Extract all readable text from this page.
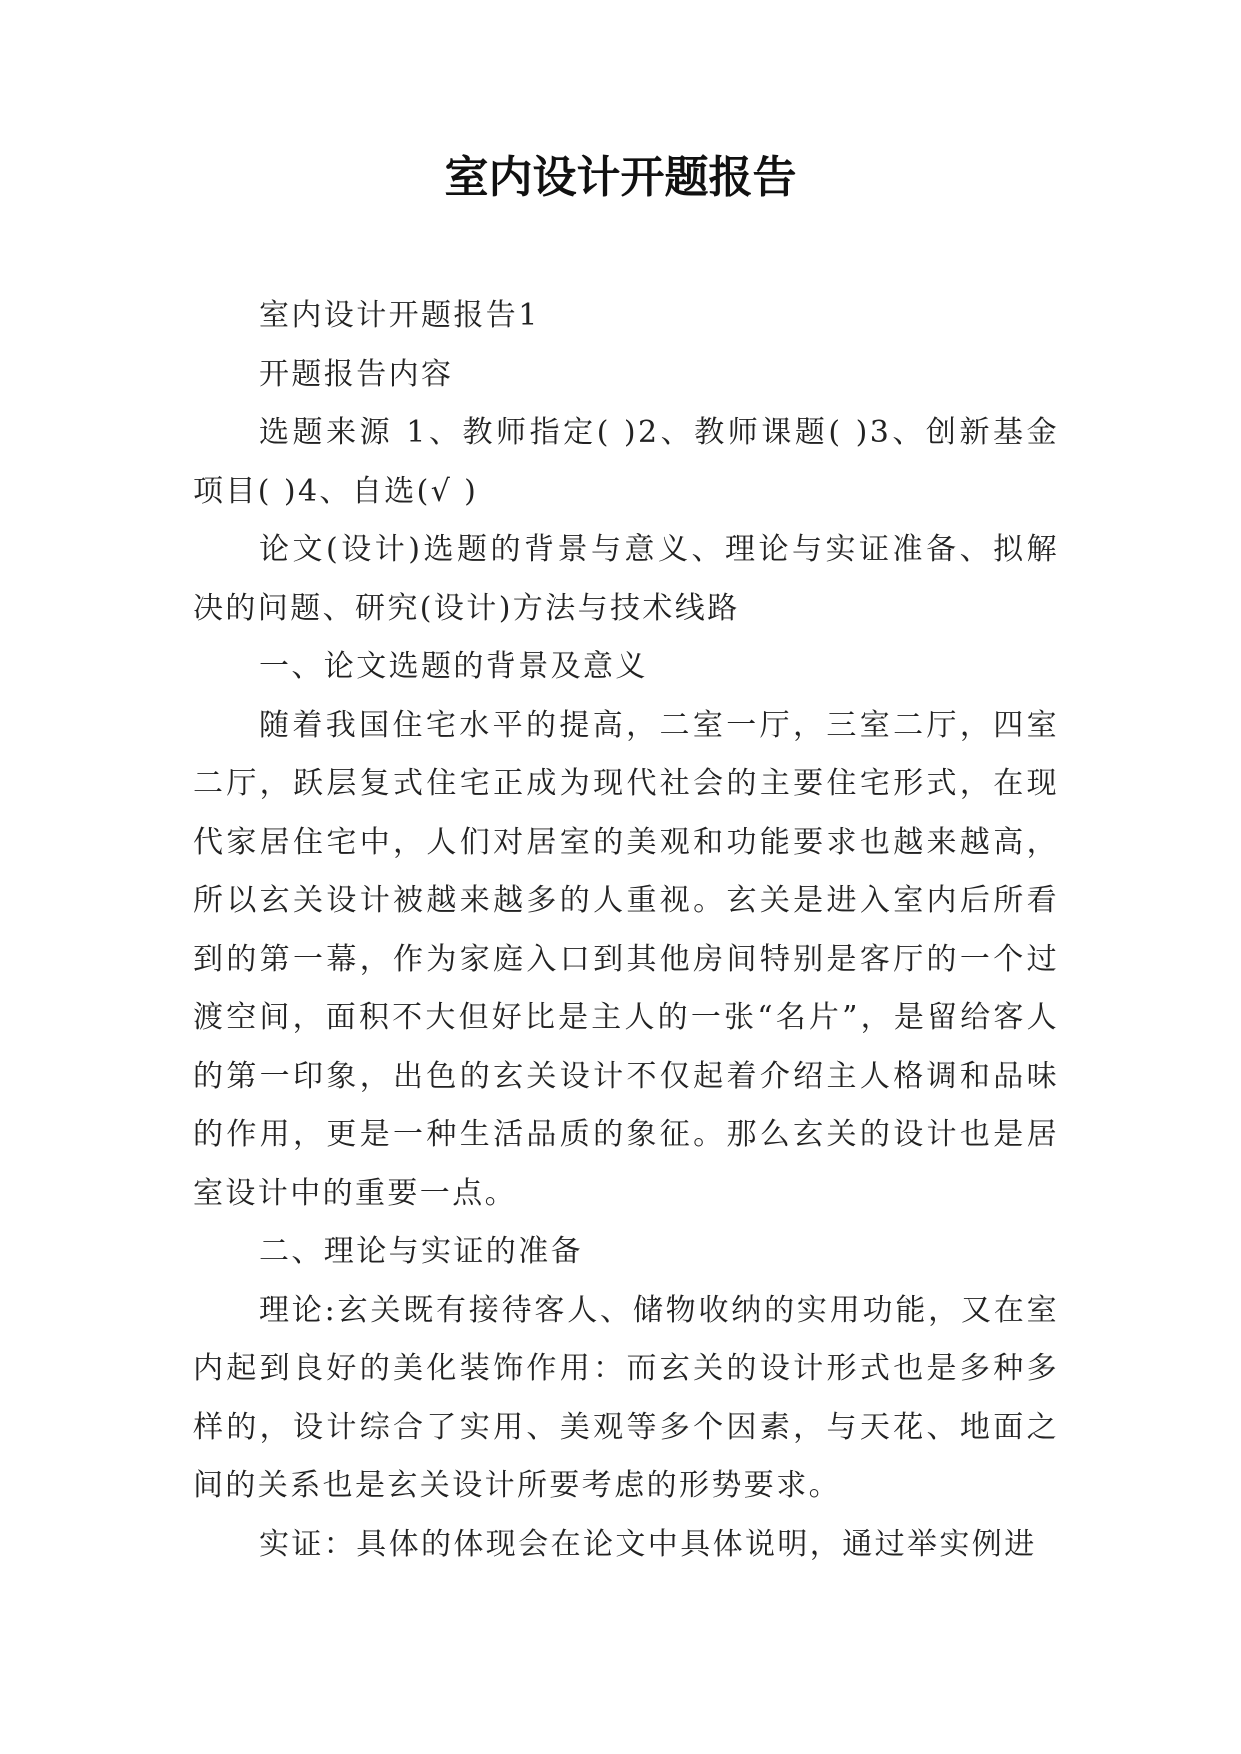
室内设计开题报告

室内设计开题报告1

开题报告内容

选题来源 1、教师指定( )2、教师课题( )3、创新基金项目( )4、自选(√ )

论文(设计)选题的背景与意义、理论与实证准备、拟解决的问题、研究(设计)方法与技术线路

一、论文选题的背景及意义

随着我国住宅水平的提高，二室一厅，三室二厅，四室二厅，跃层复式住宅正成为现代社会的主要住宅形式，在现代家居住宅中，人们对居室的美观和功能要求也越来越高，所以玄关设计被越来越多的人重视。玄关是进入室内后所看到的第一幕，作为家庭入口到其他房间特别是客厅的一个过渡空间，面积不大但好比是主人的一张“名片”，是留给客人的第一印象，出色的玄关设计不仅起着介绍主人格调和品味的作用，更是一种生活品质的象征。那么玄关的设计也是居室设计中的重要一点。

二、理论与实证的准备

理论:玄关既有接待客人、储物收纳的实用功能，又在室内起到良好的美化装饰作用：而玄关的设计形式也是多种多样的，设计综合了实用、美观等多个因素，与天花、地面之间的关系也是玄关设计所要考虑的形势要求。

实证：具体的体现会在论文中具体说明，通过举实例进
